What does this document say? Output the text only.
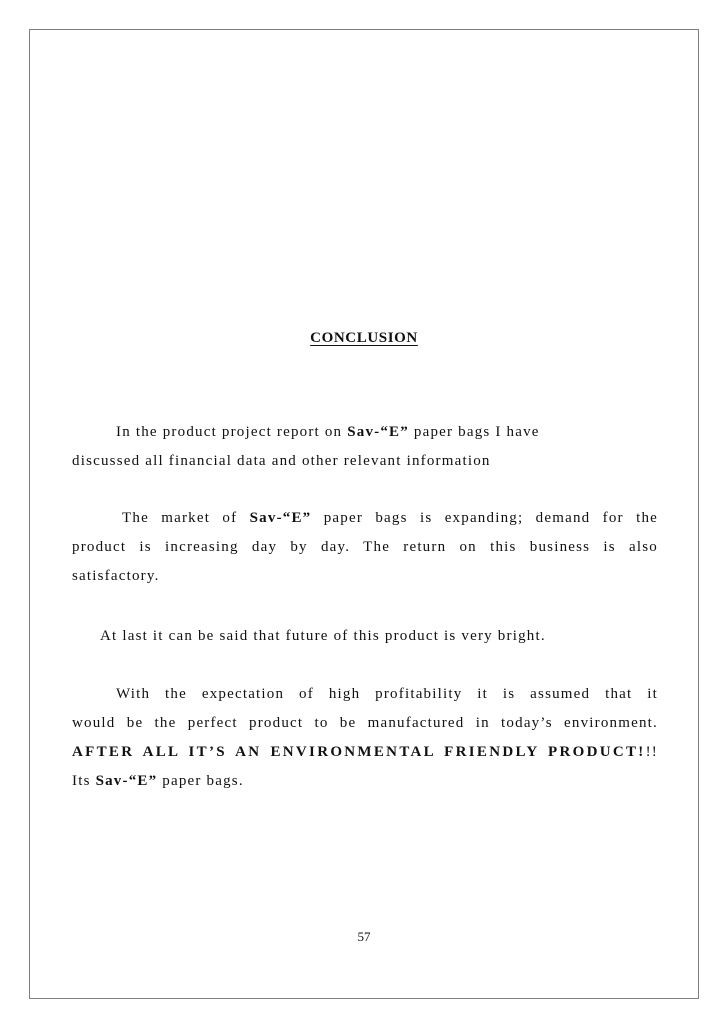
CONCLUSION
In the product project report on Sav-“E” paper bags I have
discussed all financial data and other relevant information
The market of Sav-“E” paper bags is expanding; demand for the
product is increasing day by day. The return on this business is also
satisfactory.
At last it can be said that future of this product is very bright.
With the expectation of high profitability it is assumed that it
would be the perfect product to be manufactured in today’s environment.
AFTER ALL IT’S AN ENVIRONMENTAL FRIENDLY PRODUCT!!!
Its Sav-“E” paper bags.
57
